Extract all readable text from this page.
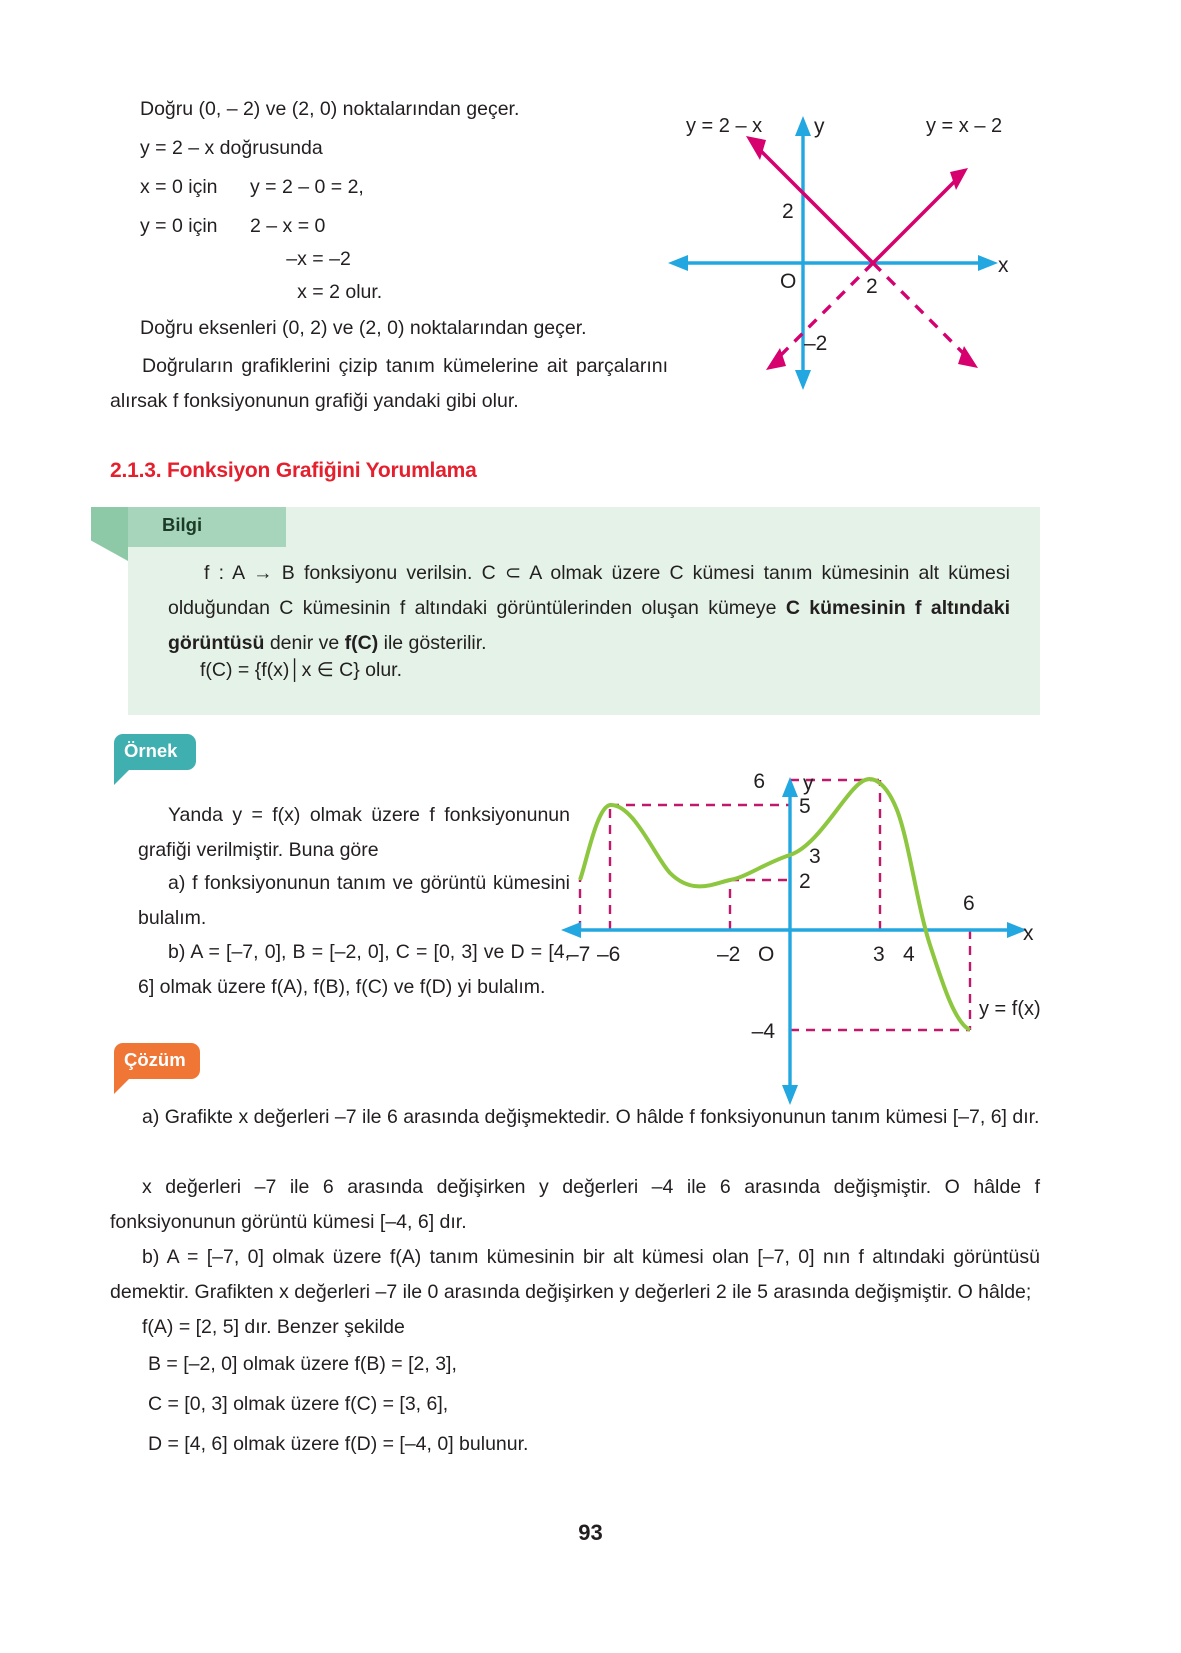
Doğru (0, – 2) ve (2, 0) noktalarından geçer.
y = 2 – x doğrusunda
x = 0 için      y = 2 – 0 = 2,
y = 0 için      2 – x = 0
–x = –2
x = 2 olur.
Doğru eksenleri (0, 2) ve (2, 0) noktalarından geçer.
Doğruların grafiklerini çizip tanım kümelerine ait parçalarını alırsak f fonksiyonunun grafiği yandaki gibi olur.
y = 2 – x	y = x – 2
y
x
O
2
2
–2
2.1.3. Fonksiyon Grafiğini Yorumlama
Bilgi
f : A → B fonksiyonu verilsin. C ⊂ A olmak üzere C kümesi tanım kümesinin alt kümesi olduğundan C kümesinin f altındaki görüntülerinden oluşan kümeye C kümesinin f altındaki görüntüsü denir ve f(C) ile gösterilir.
f(C) = {f(x)│x ∈ C} olur.
Örnek
Yanda y = f(x) olmak üzere f fonksiyonunun grafiği verilmiştir. Buna göre
a) f fonksiyonunun tanım ve görüntü kümesini bulalım.
b) A = [–7, 0], B = [–2, 0], C = [0, 3] ve D = [4, 6] olmak üzere f(A), f(B), f(C) ve f(D) yi bulalım.
y
x
–7 –6	–2 O	3 4
6
6
5
3
2
–4
y = f(x)
Çözüm
a) Grafikte x değerleri –7 ile 6 arasında değişmektedir. O hâlde f fonksiyonunun tanım kümesi [–7, 6] dır.
x değerleri –7 ile 6 arasında değişirken y değerleri –4 ile 6 arasında değişmiştir. O hâlde f fonksiyonunun görüntü kümesi [–4, 6] dır.
b) A = [–7, 0] olmak üzere f(A) tanım kümesinin bir alt kümesi olan [–7, 0] nın f altındaki görüntüsü demektir. Grafikten x değerleri –7 ile 0 arasında değişirken y değerleri 2 ile 5 arasında değişmiştir. O hâlde;
f(A) = [2, 5] dır. Benzer şekilde
B = [–2, 0] olmak üzere f(B) = [2, 3],
C = [0, 3] olmak üzere f(C) = [3, 6],
D = [4, 6] olmak üzere f(D) = [–4, 0] bulunur.
93
